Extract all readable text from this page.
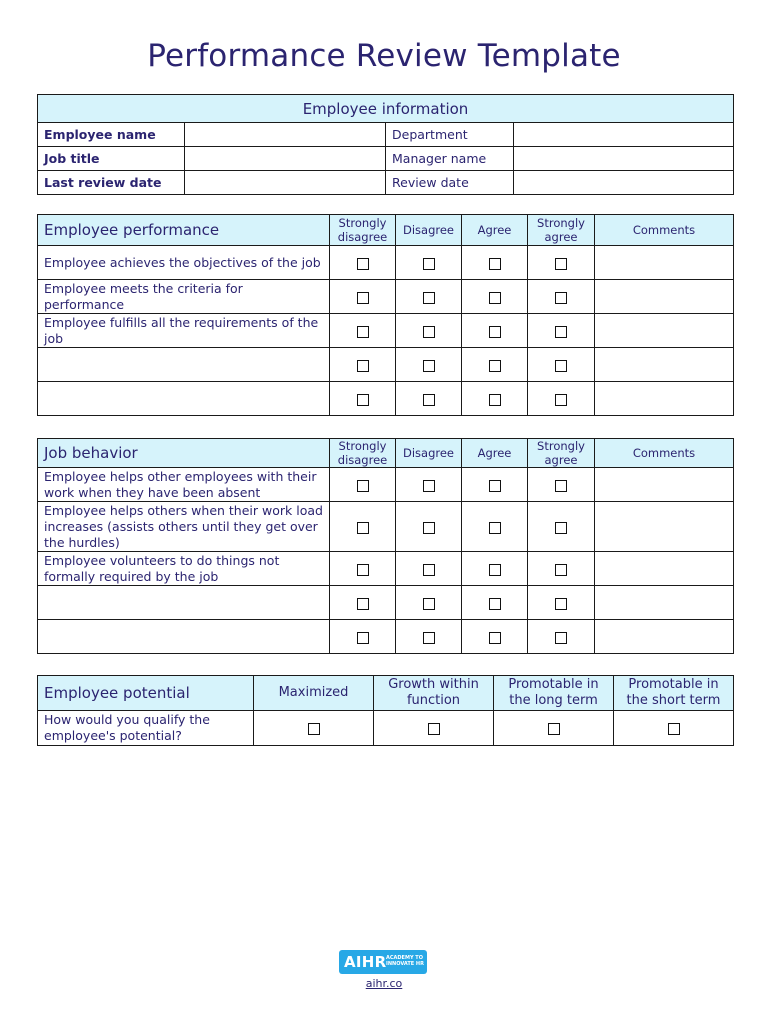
Performance Review Template
Employee information			
Employee name		Department	
Job title		Manager name	
Last review date		Review date	
Employee performance	Strongly disagree	Disagree	Agree	Strongly agree	Comments
Employee achieves the objectives of the job					
Employee meets the criteria for performance					
Employee fulfills all the requirements of the job					

Job behavior	Strongly disagree	Disagree	Agree	Strongly agree	Comments
Employee helps other employees with their work when they have been absent					
Employee helps others when their work load increases (assists others until they get over the hurdles)					
Employee volunteers to do things not formally required by the job					

Employee potential	Maximized	Growth within function	Promotable in the long term	Promotable in the short term
How would you qualify the employee's potential?				
AIHR ACADEMY TO INNOVATE HR
aihr.co
